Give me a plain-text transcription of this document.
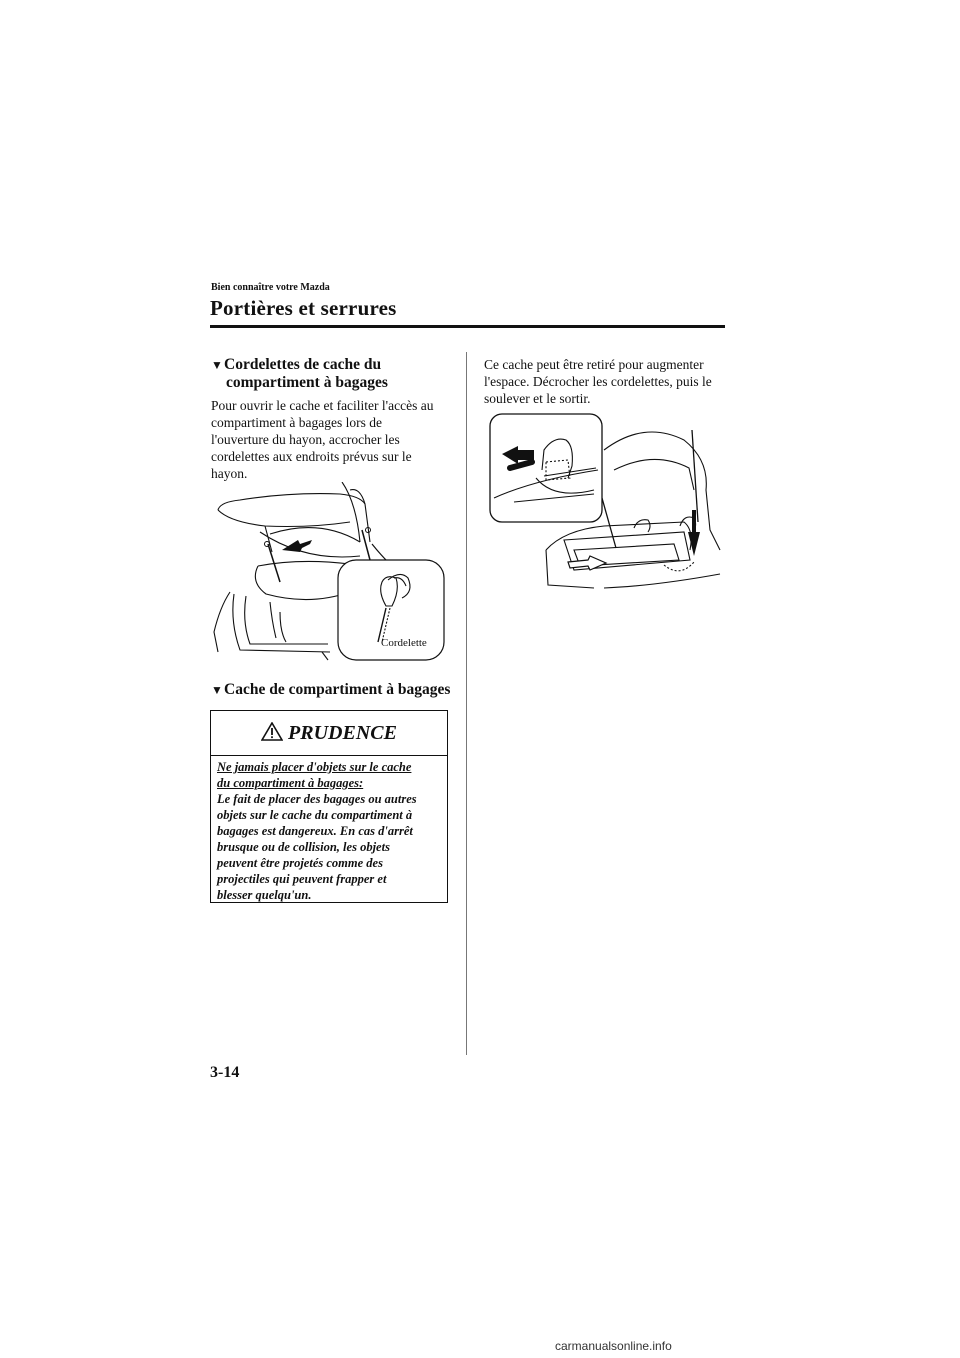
Bien connaître votre Mazda
Portières et serrures
▼Cordelettes de cache du
compartiment à bagages
Pour ouvrir le cache et faciliter l'accès au
compartiment à bagages lors de
l'ouverture du hayon, accrocher les
cordelettes aux endroits prévus sur le
hayon.
Cordelette
▼Cache de compartiment à bagages
PRUDENCE
Ne jamais placer d'objets sur le cache
du compartiment à bagages:
Le fait de placer des bagages ou autres
objets sur le cache du compartiment à
bagages est dangereux. En cas d'arrêt
brusque ou de collision, les objets
peuvent être projetés comme des
projectiles qui peuvent frapper et
blesser quelqu'un.
Ce cache peut être retiré pour augmenter
l'espace. Décrocher les cordelettes, puis le
soulever et le sortir.
3-14
carmanualsonline.info
